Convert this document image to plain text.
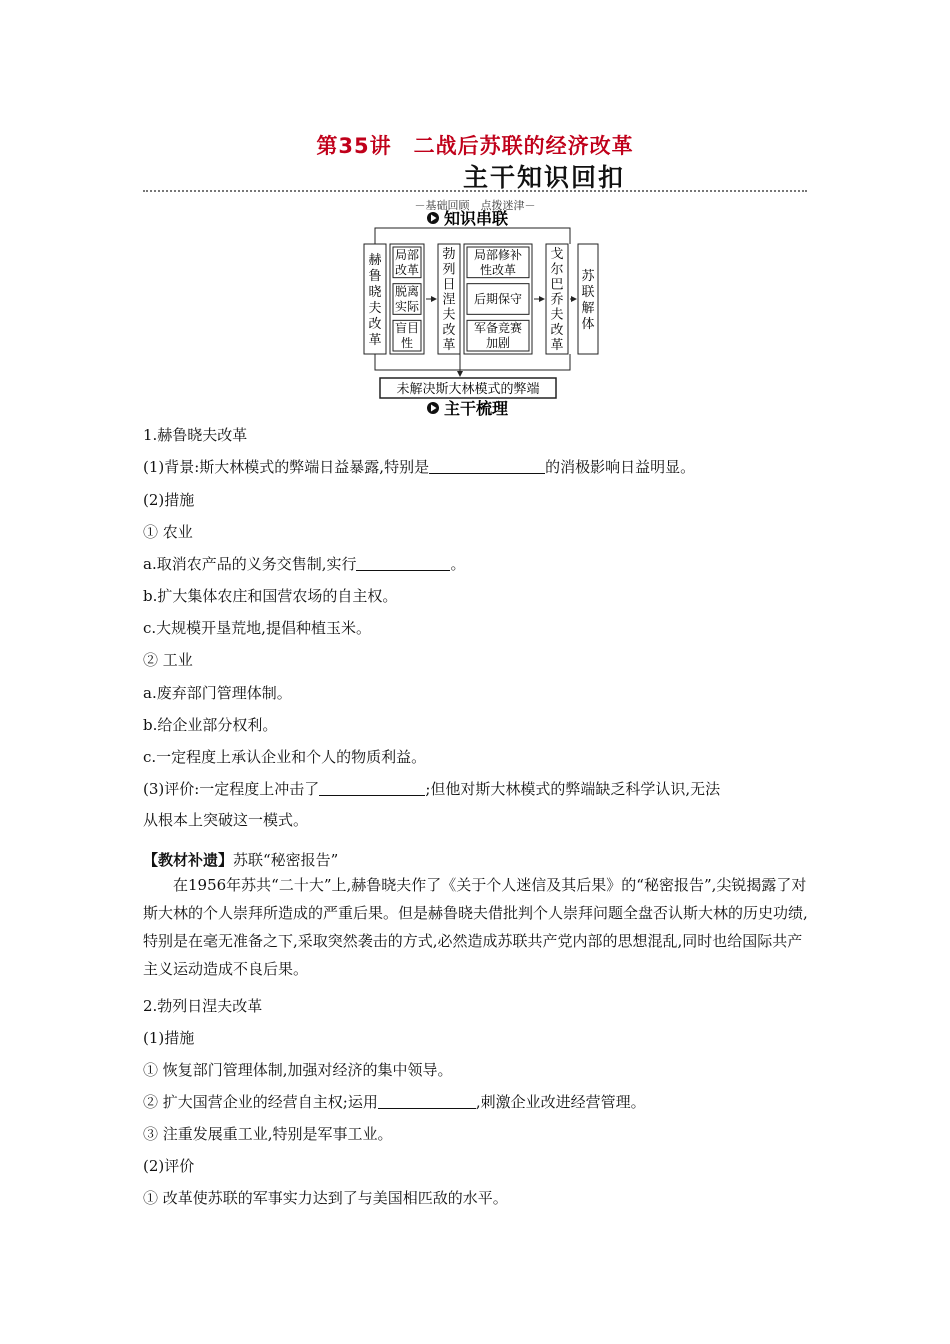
第35讲 二战后苏联的经济改革
主干知识回扣
－基础回顾　点拨迷津－
知识串联
主干梳理
赫鲁晓夫改革
局部改革
脱离实际
盲目性
勃列日涅夫改革
局部修补性改革
后期保守
军备竞赛加剧
戈尔巴乔夫改革
苏联解体
未解决斯大林模式的弊端
1.赫鲁晓夫改革
(1)背景:斯大林模式的弊端日益暴露,特别是	的消极影响日益明显。
(2)措施
① 农业
a.取消农产品的义务交售制,实行	。
b.扩大集体农庄和国营农场的自主权。
c.大规模开垦荒地,提倡种植玉米。
② 工业
a.废弃部门管理体制。
b.给企业部分权利。
c.一定程度上承认企业和个人的物质利益。
(3)评价:一定程度上冲击了	;但他对斯大林模式的弊端缺乏科学认识,无法
从根本上突破这一模式。
【教材补遗】苏联“秘密报告”
在1956年苏共“二十大”上,赫鲁晓夫作了《关于个人迷信及其后果》的“秘密报告”,尖锐揭露了对斯大林的个人崇拜所造成的严重后果。但是赫鲁晓夫借批判个人崇拜问题全盘否认斯大林的历史功绩,特别是在毫无准备之下,采取突然袭击的方式,必然造成苏联共产党内部的思想混乱,同时也给国际共产主义运动造成不良后果。
2.勃列日涅夫改革
(1)措施
① 恢复部门管理体制,加强对经济的集中领导。
② 扩大国营企业的经营自主权;运用	,刺激企业改进经营管理。
③ 注重发展重工业,特别是军事工业。
(2)评价
① 改革使苏联的军事实力达到了与美国相匹敌的水平。
